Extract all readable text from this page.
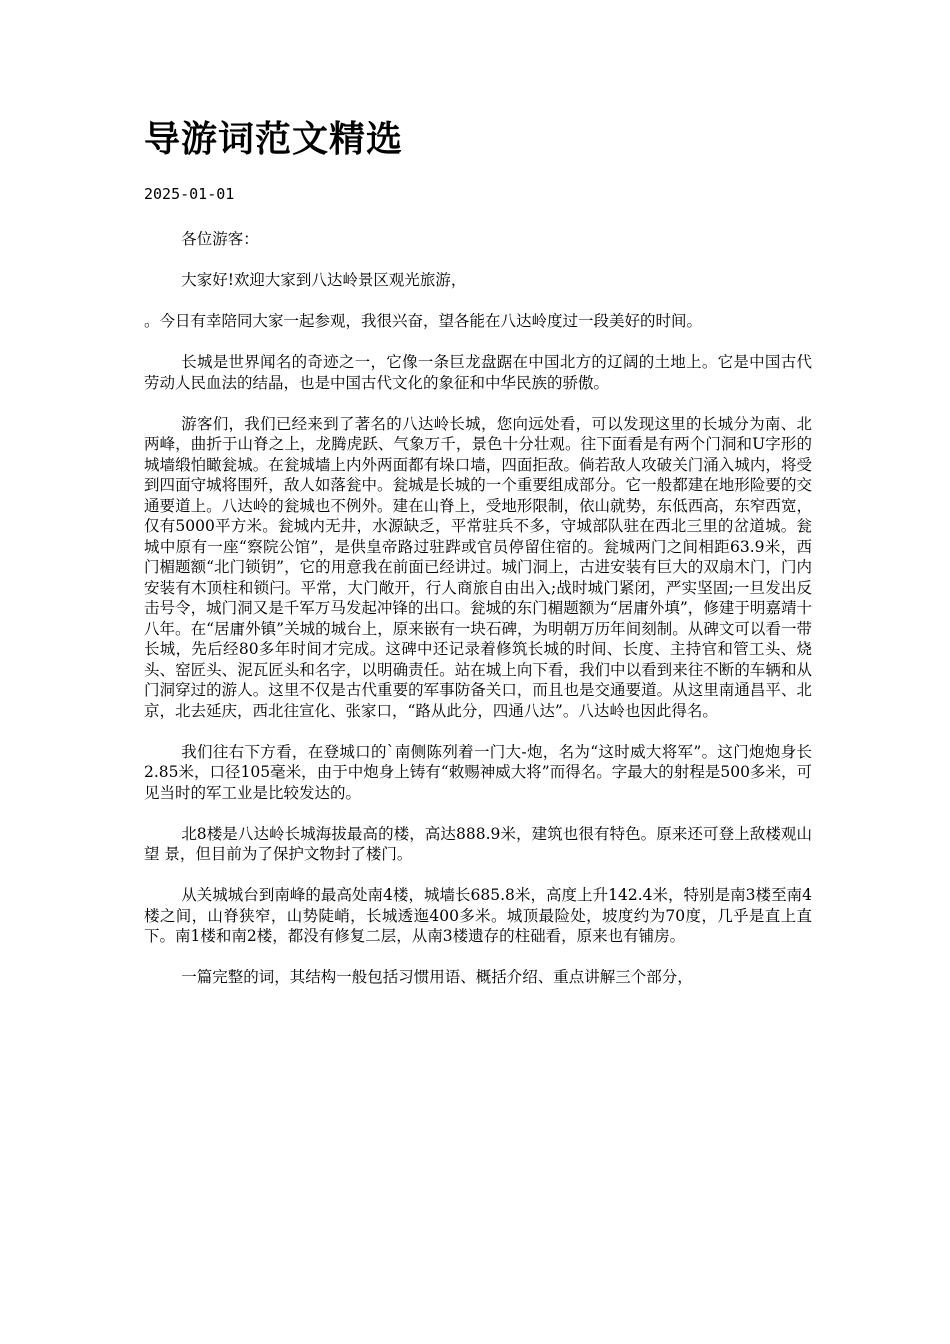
导游词范文精选
2025-01-01

各位游客：

大家好!欢迎大家到八达岭景区观光旅游，

。今日有幸陪同大家一起参观，我很兴奋，望各能在八达岭度过一段美好的时间。

长城是世界闻名的奇迹之一，它像一条巨龙盘踞在中国北方的辽阔的土地上。它是中国古代劳动人民血法的结晶，也是中国古代文化的象征和中华民族的骄傲。

游客们，我们已经来到了著名的八达岭长城，您向远处看，可以发现这里的长城分为南、北两峰，曲折于山脊之上，龙腾虎跃、气象万千，景色十分壮观。往下面看是有两个门洞和U字形的城墙缎怕瞰瓮城。在瓮城墙上内外两面都有垛口墙，四面拒敌。倘若敌人攻破关门涌入城内，将受到四面守城将围歼，敌人如落瓮中。瓮城是长城的一个重要组成部分。它一般都建在地形险要的交通要道上。八达岭的瓮城也不例外。建在山脊上，受地形限制，依山就势，东低西高，东窄西宽，仅有5000平方米。瓮城内无井，水源缺乏，平常驻兵不多，守城部队驻在西北三里的岔道城。瓮城中原有一座“察院公馆”，是供皇帝路过驻跸或官员停留住宿的。瓮城两门之间相距63.9米，西门楣题额“北门锁钥”，它的用意我在前面已经讲过。城门洞上，古进安装有巨大的双扇木门，门内安装有木顶柱和锁闩。平常，大门敞开，行人商旅自由出入;战时城门紧闭，严实坚固;一旦发出反击号令，城门洞又是千军万马发起冲锋的出口。瓮城的东门楣题额为“居庸外填”，修建于明嘉靖十八年。在“居庸外镇”关城的城台上，原来嵌有一块石碑，为明朝万历年间刻制。从碑文可以看一带长城，先后经80多年时间才完成。这碑中还记录着修筑长城的时间、长度、主持官和管工头、烧头、窑匠头、泥瓦匠头和名字，以明确责任。站在城上向下看，我们中以看到来往不断的车辆和从门洞穿过的游人。这里不仅是古代重要的军事防备关口，而且也是交通要道。从这里南通昌平、北京，北去延庆，西北往宣化、张家口，“路从此分，四通八达”。八达岭也因此得名。

我们往右下方看，在登城口的`南侧陈列着一门大-炮，名为“这时威大将军”。这门炮炮身长2.85米，口径105毫米，由于中炮身上铸有“敕赐神威大将”而得名。字最大的射程是500多米，可见当时的军工业是比较发达的。

北8楼是八达岭长城海拔最高的楼，高达888.9米，建筑也很有特色。原来还可登上敌楼观山望 景，但目前为了保护文物封了楼门。

从关城城台到南峰的最高处南4楼，城墙长685.8米，高度上升142.4米，特别是南3楼至南4楼之间，山脊狭窄，山势陡峭，长城透迤400多米。城顶最险处，坡度约为70度，几乎是直上直下。南1楼和南2楼，都没有修复二层，从南3楼遗存的柱础看，原来也有铺房。

一篇完整的词，其结构一般包括习惯用语、概括介绍、重点讲解三个部分，
